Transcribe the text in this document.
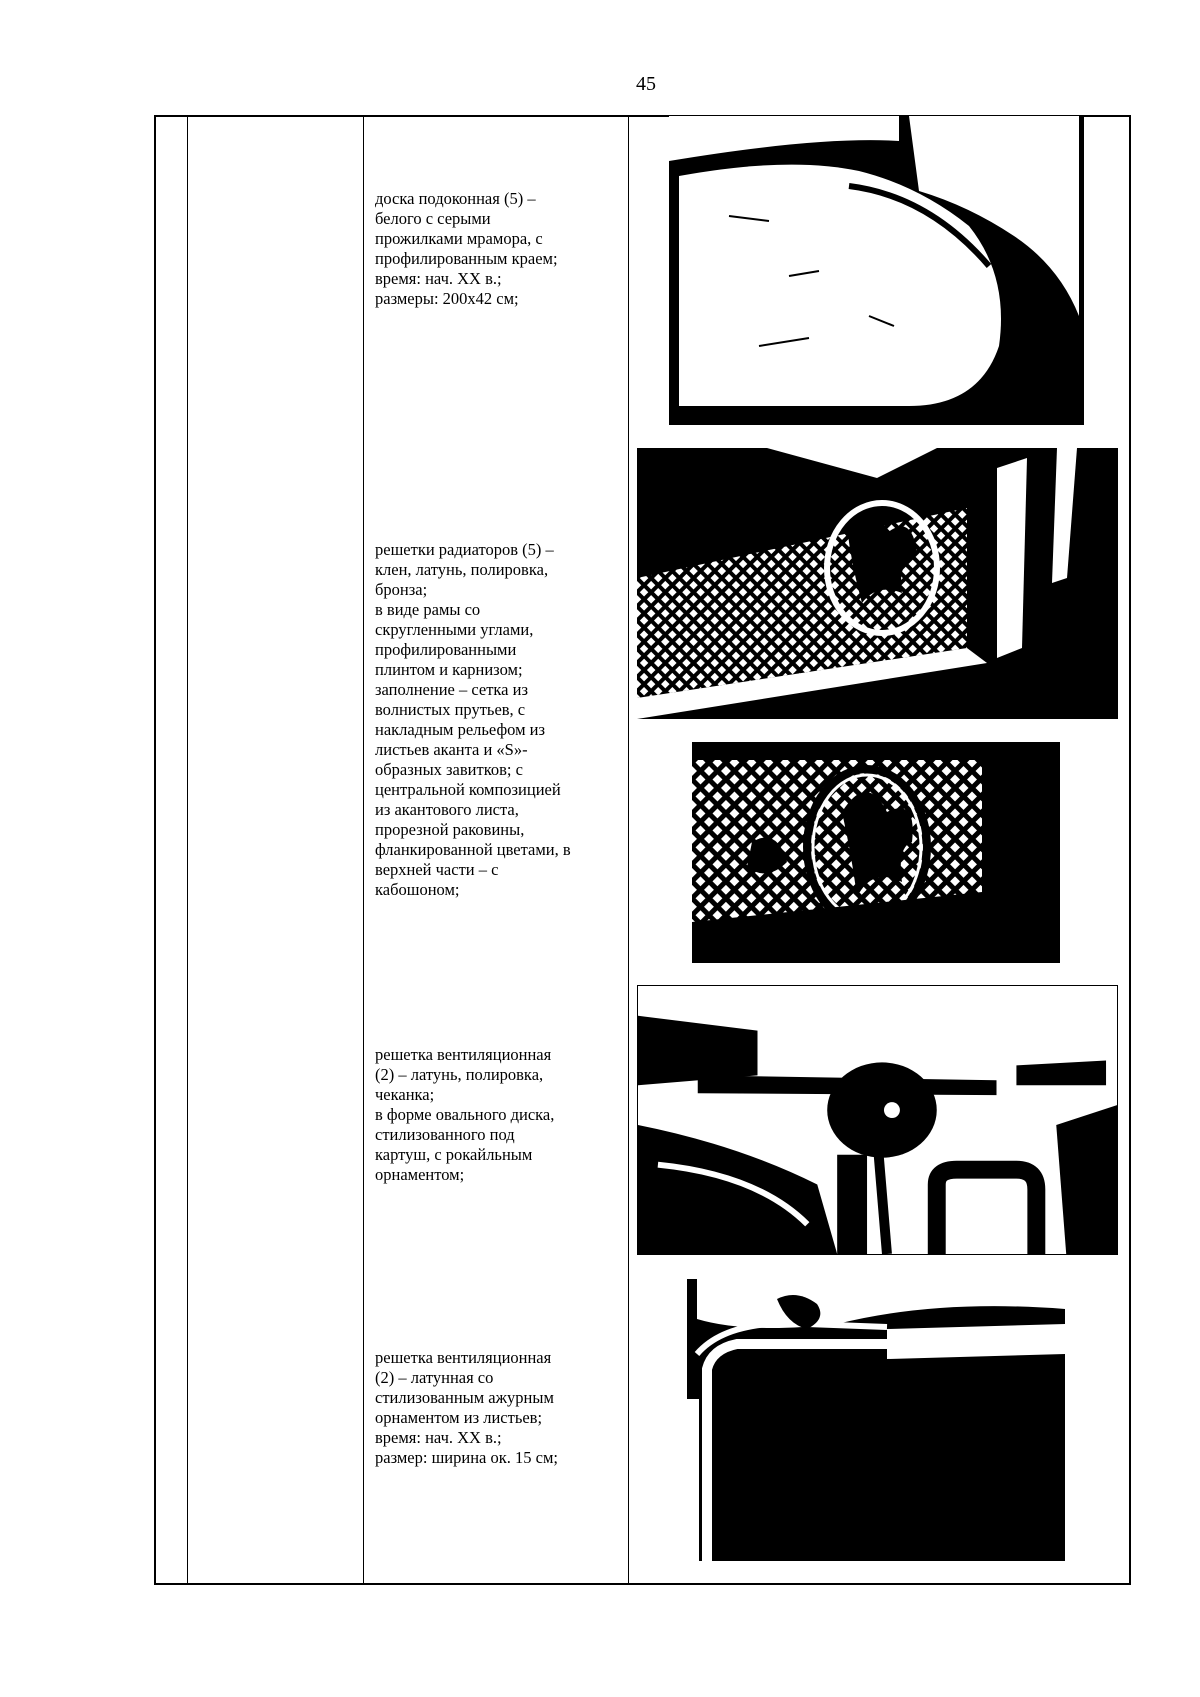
45
доска подоконная (5) –
белого с серыми
прожилками мрамора, с
профилированным краем;
время: нач. XX в.;
размеры: 200х42 см;
решетки радиаторов (5) –
клен, латунь, полировка,
бронза;
в виде рамы со
скругленными углами,
профилированными
плинтом и карнизом;
заполнение – сетка из
волнистых прутьев, с
накладным рельефом из
листьев аканта и «S»-
образных завитков; с
центральной композицией
из акантового листа,
прорезной раковины,
фланкированной цветами, в
верхней части – с
кабошоном;
решетка вентиляционная
(2) – латунь, полировка,
чеканка;
в форме овального диска,
стилизованного под
картуш, с рокайльным
орнаментом;
решетка вентиляционная
(2) – латунная со
стилизованным ажурным
орнаментом из листьев;
время: нач. XX в.;
размер: ширина ок. 15 см;
